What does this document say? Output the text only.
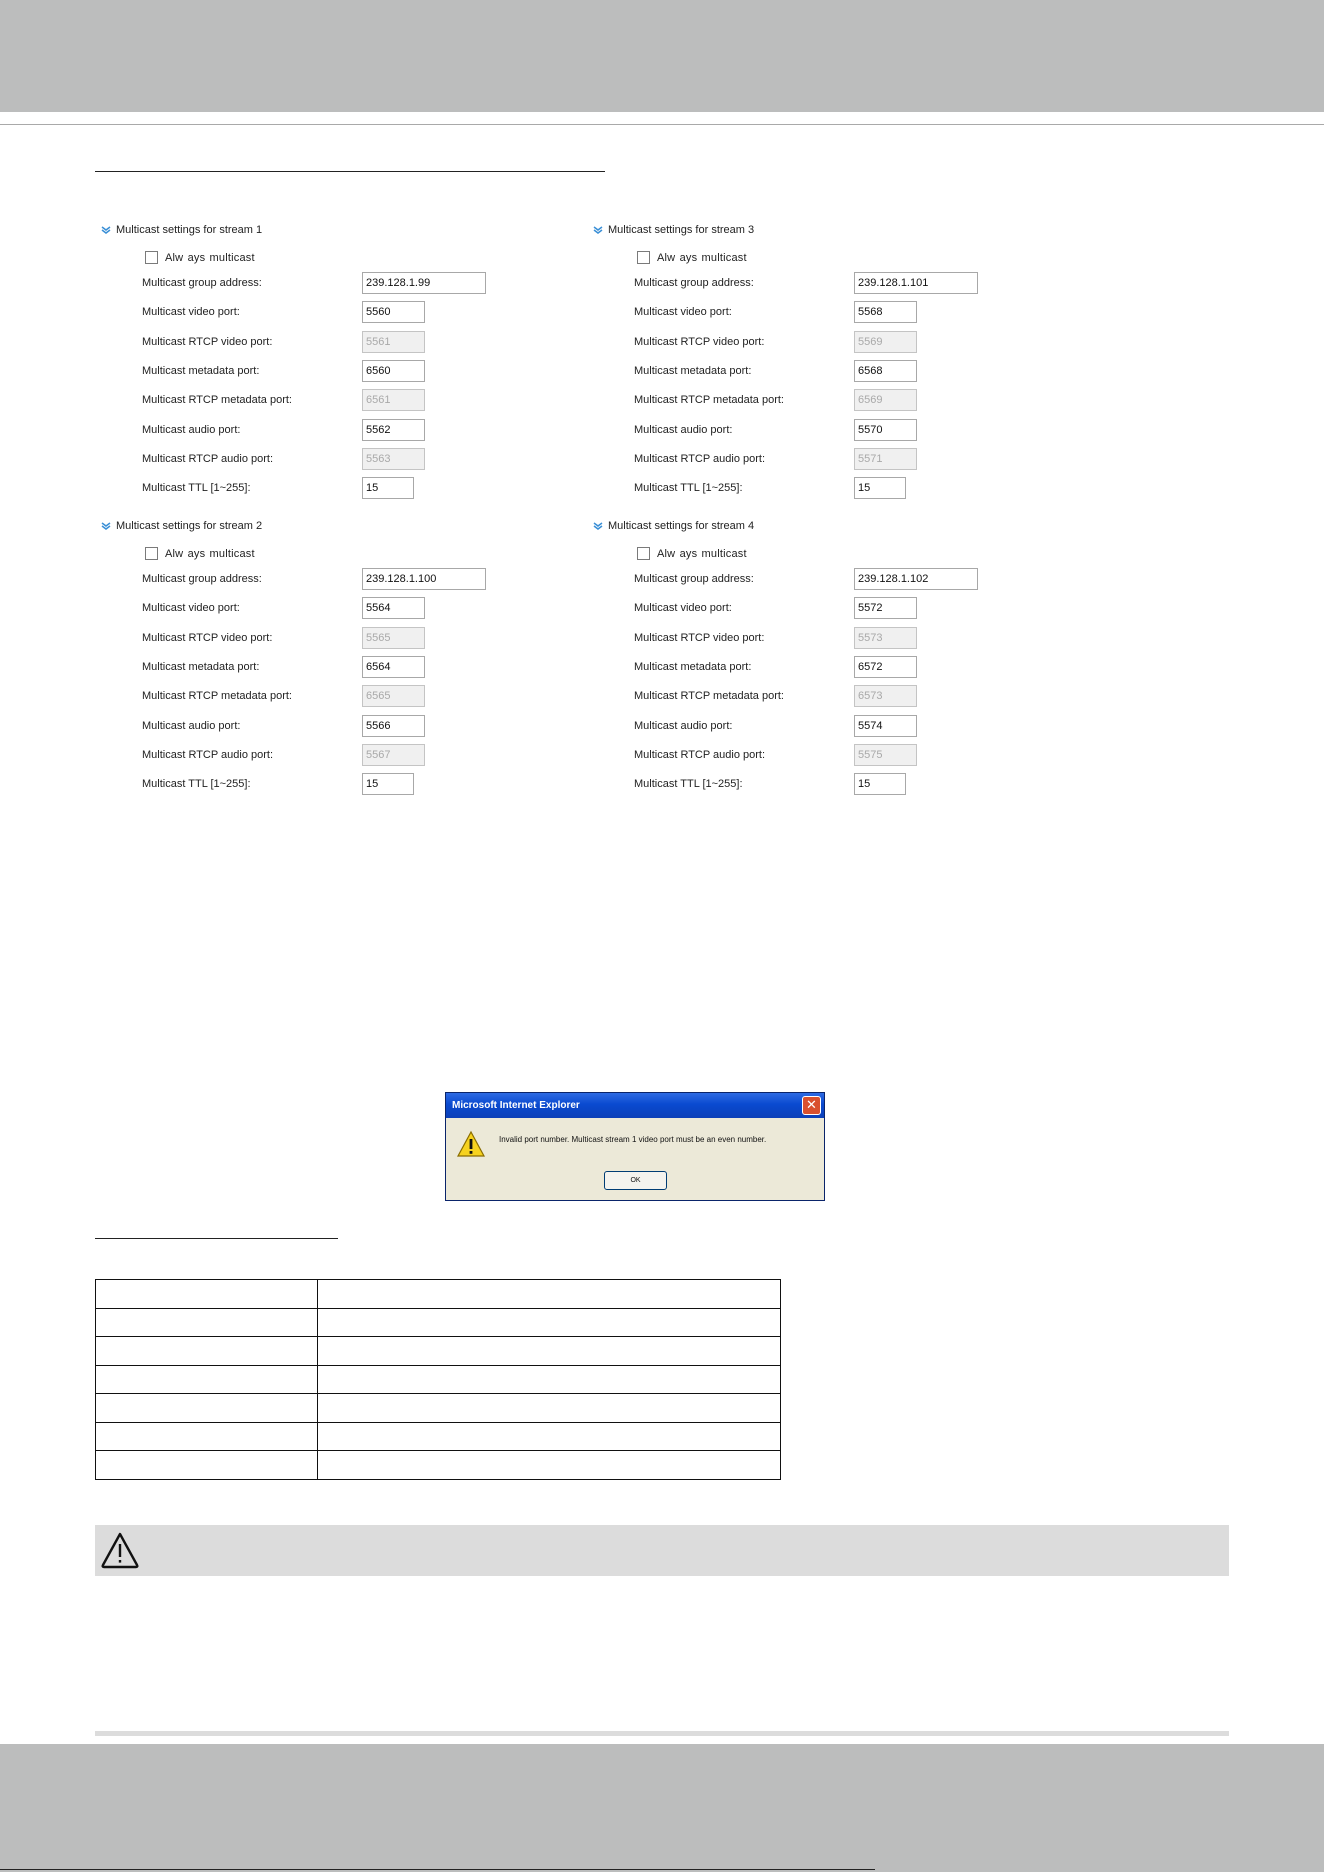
Multicast settings for stream 1
Alw ays multicast
Multicast group address:
239.128.1.99
Multicast video port:
5560
Multicast RTCP video port:
5561
Multicast metadata port:
6560
Multicast RTCP metadata port:
6561
Multicast audio port:
5562
Multicast RTCP audio port:
5563
Multicast TTL [1~255]:
15
Multicast settings for stream 2
Alw ays multicast
Multicast group address:
239.128.1.100
Multicast video port:
5564
Multicast RTCP video port:
5565
Multicast metadata port:
6564
Multicast RTCP metadata port:
6565
Multicast audio port:
5566
Multicast RTCP audio port:
5567
Multicast TTL [1~255]:
15
Multicast settings for stream 3
Alw ays multicast
Multicast group address:
239.128.1.101
Multicast video port:
5568
Multicast RTCP video port:
5569
Multicast metadata port:
6568
Multicast RTCP metadata port:
6569
Multicast audio port:
5570
Multicast RTCP audio port:
5571
Multicast TTL [1~255]:
15
Multicast settings for stream 4
Alw ays multicast
Multicast group address:
239.128.1.102
Multicast video port:
5572
Multicast RTCP video port:
5573
Multicast metadata port:
6572
Multicast RTCP metadata port:
6573
Multicast audio port:
5574
Multicast RTCP audio port:
5575
Multicast TTL [1~255]:
15
Microsoft Internet Explorer	✕
Invalid port number. Multicast stream 1 video port must be an even number.
OK
